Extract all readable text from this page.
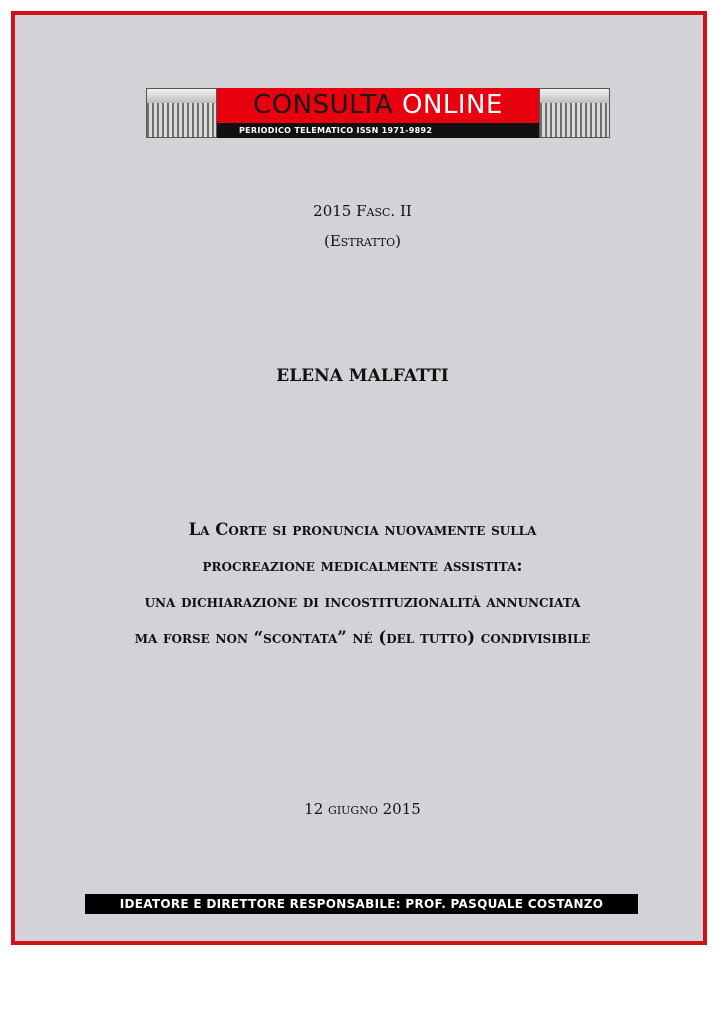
CONSULTA ONLINE
PERIODICO TELEMATICO ISSN 1971-9892
2015 Fasc. II
(Estratto)
ELENA MALFATTI
La Corte si pronuncia nuovamente sulla
procreazione medicalmente assistita:
una dichiarazione di incostituzionalità annunciata
ma forse non “scontata” né (del tutto) condivisibile
12 giugno 2015
IDEATORE E DIRETTORE RESPONSABILE: PROF. PASQUALE COSTANZO
